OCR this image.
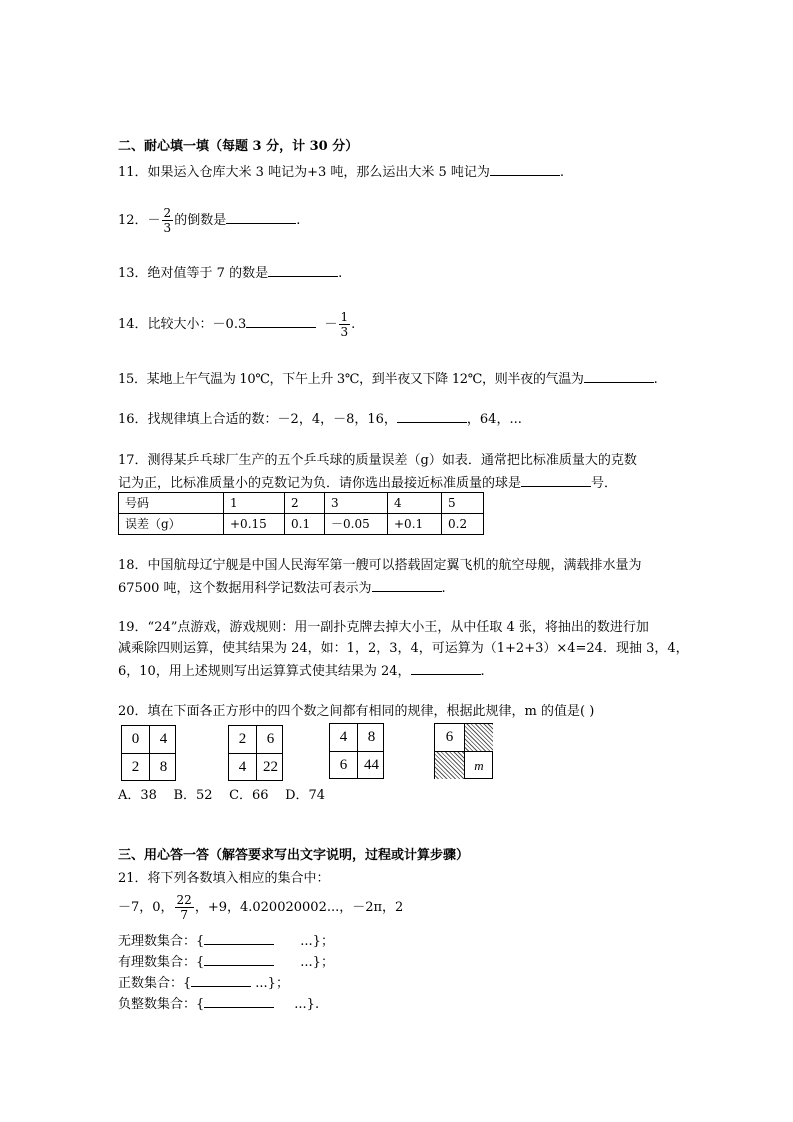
二、耐心填一填（每题 3 分，计 30 分）
11．如果运入仓库大米 3 吨记为+3 吨，那么运出大米 5 吨记为	.
12．－ $\frac{2}{3}$ 的倒数是	.
13．绝对值等于 7 的数是	.
14．比较大小：－0.3	－ $\frac{1}{3}$ .
15．某地上午气温为 10℃，下午上升 3℃，到半夜又下降 12℃，则半夜的气温为	.
16．找规律填上合适的数：－2，4，－8，16，	，64，...
17．测得某乒乓球厂生产的五个乒乓球的质量误差（g）如表．通常把比标准质量大的克数
记为正，比标准质量小的克数记为负．请你选出最接近标准质量的球是	号．
号码	1	2	3	4	5
误差（g）	+0.15	0.1	－0.05	+0.1	0.2
18．中国航母辽宁舰是中国人民海军第一艘可以搭载固定翼飞机的航空母舰，满载排水量为
67500 吨，这个数据用科学记数法可表示为	.
19．“24”点游戏，游戏规则：用一副扑克牌去掉大小王，从中任取 4 张，将抽出的数进行加
减乘除四则运算，使其结果为 24，如：1，2，3，4，可运算为（1+2+3）×4=24．现抽 3，4，
6，10，用上述规则写出运算算式使其结果为 24，	.
20．填在下面各正方形中的四个数之间都有相同的规律，根据此规律，m 的值是( )
0	4
2	8
2	6
4	22
4	8
6	44
6
m
A．38    B．52    C．66    D．74
三、用心答一答（解答要求写出文字说明，过程或计算步骤）
21．将下列各数填入相应的集合中：
－7，0， $\frac{22}{7}$ ，+9，4.020020002...，－2π，2
无理数集合：{	...}；
有理数集合：{	...}；
正数集合：{	...}；
负整数集合：{	...}.
